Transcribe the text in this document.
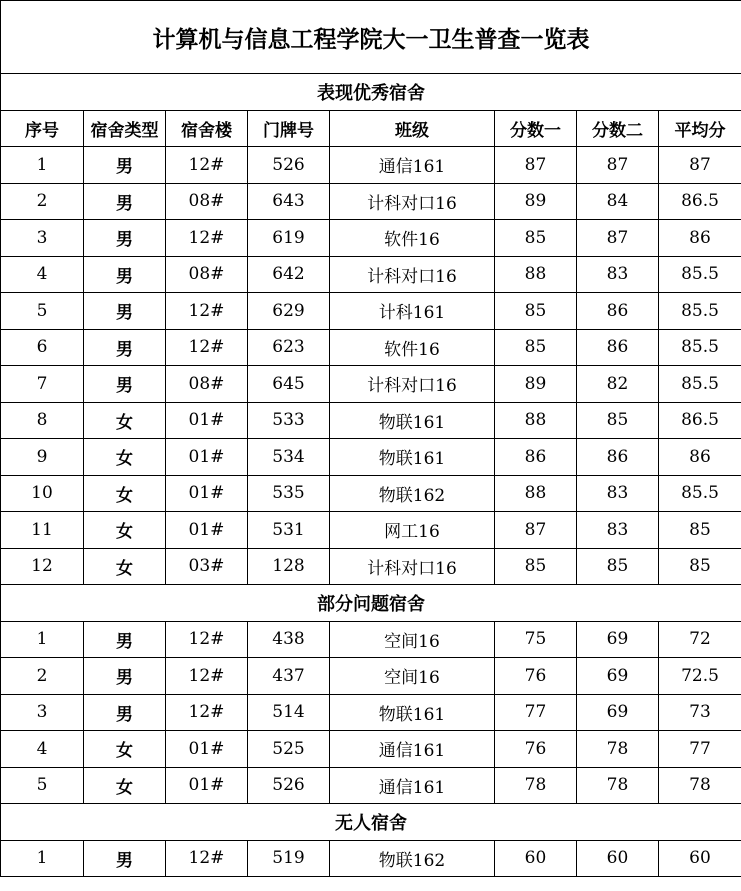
计算机与信息工程学院大一卫生普查一览表							
表现优秀宿舍							
序号	宿舍类型	宿舍楼	门牌号	班级	分数一	分数二	平均分
1	男	12#	526	通信161	87	87	87
2	男	08#	643	计科对口16	89	84	86.5
3	男	12#	619	软件16	85	87	86
4	男	08#	642	计科对口16	88	83	85.5
5	男	12#	629	计科161	85	86	85.5
6	男	12#	623	软件16	85	86	85.5
7	男	08#	645	计科对口16	89	82	85.5
8	女	01#	533	物联161	88	85	86.5
9	女	01#	534	物联161	86	86	86
10	女	01#	535	物联162	88	83	85.5
11	女	01#	531	网工16	87	83	85
12	女	03#	128	计科对口16	85	85	85
部分问题宿舍							
1	男	12#	438	空间16	75	69	72
2	男	12#	437	空间16	76	69	72.5
3	男	12#	514	物联161	77	69	73
4	女	01#	525	通信161	76	78	77
5	女	01#	526	通信161	78	78	78
无人宿舍							
1	男	12#	519	物联162	60	60	60
